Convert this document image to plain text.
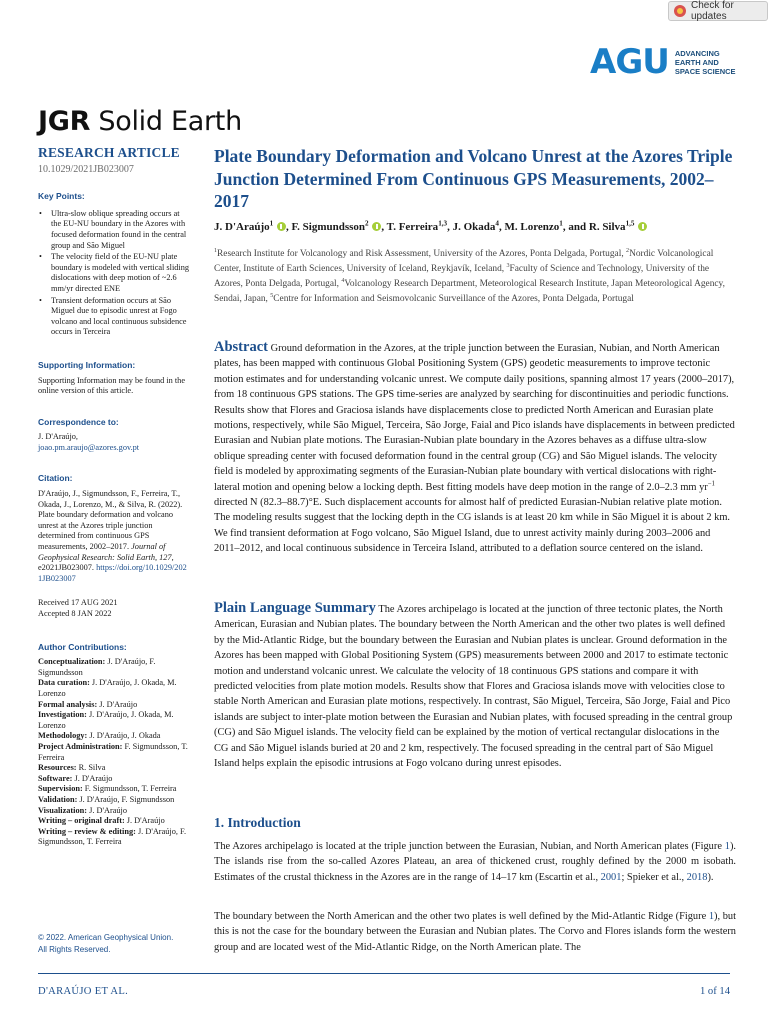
Check for updates
AGU ADVANCING
EARTH AND
SPACE SCIENCE
JGR Solid Earth
RESEARCH ARTICLE
10.1029/2021JB023007
Key Points:
• Ultra-slow oblique spreading occurs at the EU-NU boundary in the Azores with focused deformation found in the central group and São Miguel
• The velocity field of the EU-NU plate boundary is modeled with vertical sliding dislocations with deep motion of ~2.6 mm/yr directed ENE
• Transient deformation occurs at São Miguel due to episodic unrest at Fogo volcano and local continuous subsidence occurs in Terceira
Supporting Information:
Supporting Information may be found in the online version of this article.
Correspondence to:
J. D'Araújo,
joao.pm.araujo@azores.gov.pt
Citation:
D'Araújo, J., Sigmundsson, F., Ferreira, T., Okada, J., Lorenzo, M., & Silva, R. (2022). Plate boundary deformation and volcano unrest at the Azores triple junction determined from continuous GPS measurements, 2002–2017. Journal of Geophysical Research: Solid Earth, 127, e2021JB023007. https://doi.org/10.1029/2021JB023007
Received 17 AUG 2021
Accepted 8 JAN 2022
Author Contributions:
Conceptualization: J. D'Araújo, F. Sigmundsson
Data curation: J. D'Araújo, J. Okada, M. Lorenzo
Formal analysis: J. D'Araújo
Investigation: J. D'Araújo, J. Okada, M. Lorenzo
Methodology: J. D'Araújo, J. Okada
Project Administration: F. Sigmundsson, T. Ferreira
Resources: R. Silva
Software: J. D'Araújo
Supervision: F. Sigmundsson, T. Ferreira
Validation: J. D'Araújo, F. Sigmundsson
Visualization: J. D'Araújo
Writing – original draft: J. D'Araújo
Writing – review & editing: J. D'Araújo, F. Sigmundsson, T. Ferreira
© 2022. American Geophysical Union.
All Rights Reserved.
Plate Boundary Deformation and Volcano Unrest at the Azores Triple Junction Determined From Continuous GPS Measurements, 2002–2017
J. D'Araújo$^1$ , F. Sigmundsson$^2$ , T. Ferreira$^{1,3}$, J. Okada$^4$, M. Lorenzo$^1$, and R. Silva$^{1,5}$
$^1$Research Institute for Volcanology and Risk Assessment, University of the Azores, Ponta Delgada, Portugal, $^2$Nordic Volcanological Center, Institute of Earth Sciences, University of Iceland, Reykjavík, Iceland, $^3$Faculty of Science and Technology, University of the Azores, Ponta Delgada, Portugal, $^4$Volcanology Research Department, Meteorological Research Institute, Japan Meteorological Agency, Sendai, Japan, $^5$Centre for Information and Seismovolcanic Surveillance of the Azores, Ponta Delgada, Portugal
Abstract Ground deformation in the Azores, at the triple junction between the Eurasian, Nubian, and North American plates, has been mapped with continuous Global Positioning System (GPS) geodetic measurements to improve tectonic motion estimates and for understanding volcanic unrest. We compute daily positions, spanning almost 17 years (2000–2017), from 18 continuous GPS stations. The GPS time-series are analyzed by searching for discontinuities and periodic functions. Results show that Flores and Graciosa islands have displacements close to predicted North American and Eurasian plate motions, respectively, while São Miguel, Terceira, São Jorge, Faial and Pico islands have displacements in between predicted Eurasian and Nubian plate motions. The Eurasian-Nubian plate boundary in the Azores behaves as a diffuse ultra-slow oblique spreading center with focused deformation found in the central group (CG) and São Miguel islands. The velocity field is modeled by approximating segments of the Eurasian-Nubian plate boundary with vertical dislocations with right-lateral motion and opening below a locking depth. Best fitting models have deep motion in the range of 2.0–2.3 mm $yr^{-1}$ directed N (82.3–88.7)°E. Such displacement accounts for almost half of predicted Eurasian-Nubian relative plate motion. The modeling results suggest that the locking depth in the CG islands is at least 20 km while in São Miguel it is about 2 km. We find transient deformation at Fogo volcano, São Miguel Island, due to unrest activity mainly during 2003–2006 and 2011–2012, and local continuous subsidence in Terceira Island, attributed to a deflation source centered on the island.
Plain Language Summary The Azores archipelago is located at the junction of three tectonic plates, the North American, Eurasian and Nubian plates. The boundary between the North American and the other two plates is well defined by the Mid-Atlantic Ridge, but the boundary between the Eurasian and Nubian plates is unclear. Ground deformation in the Azores has been mapped with Global Positioning System (GPS) measurements between 2000 and 2017 to estimate tectonic motion and understand volcanic unrest. We calculate the velocity of 18 continuous GPS stations and compare it with predicted velocities from plate motion models. Results show that Flores and Graciosa islands move with velocities close to stable North American and Eurasian plate motions, respectively. In contrast, São Miguel, Terceira, São Jorge, Faial and Pico islands are subject to inter-plate motion between the Eurasian and Nubian plates, with focused spreading in the central group (CG) and São Miguel islands. The velocity field can be explained by the motion of vertical rectangular dislocations in the CG and São Miguel islands buried at 20 and 2 km, respectively. The focused spreading in the central part of São Miguel Island helps explain the episodic intrusions at Fogo volcano during unrest episodes.
1. Introduction
The Azores archipelago is located at the triple junction between the Eurasian, Nubian, and North American plates (Figure 1). The islands rise from the so-called Azores Plateau, an area of thickened crust, roughly defined by the 2000 m isobath. Estimates of the crustal thickness in the Azores are in the range of 14–17 km (Escartin et al., 2001; Spieker et al., 2018).
The boundary between the North American and the other two plates is well defined by the Mid-Atlantic Ridge (Figure 1), but this is not the case for the boundary between the Eurasian and Nubian plates. The Corvo and Flores islands form the western group and are located west of the Mid-Atlantic Ridge, on the North American plate. The
D'ARAÚJO ET AL.	1 of 14
